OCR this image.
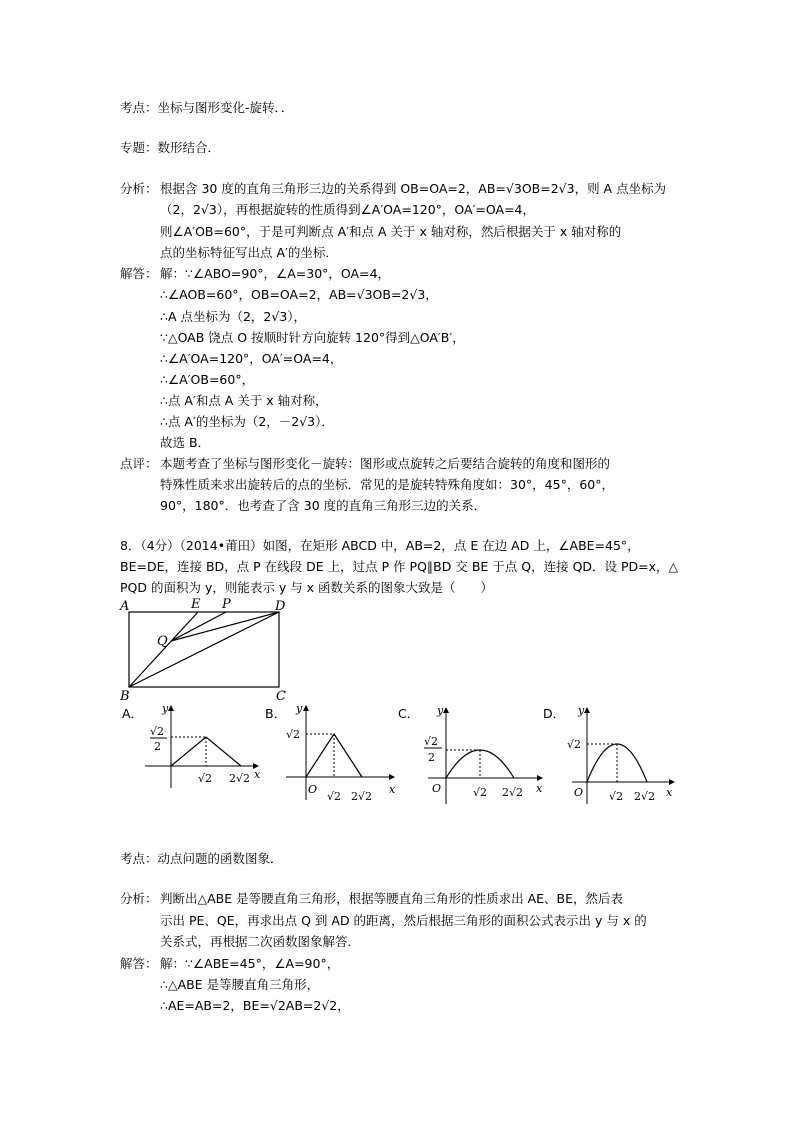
考点：坐标与图形变化-旋转．．
专题：数形结合．
分析： 根据含 30 度的直角三角形三边的关系得到 OB=OA=2，AB=√3OB=2√3，则 A 点坐标为
（2，2√3），再根据旋转的性质得到∠A′OA=120°，OA′=OA=4，
则∠A′OB=60°，于是可判断点 A′和点 A 关于 x 轴对称，然后根据关于 x 轴对称的
点的坐标特征写出点 A′的坐标．
解答： 解：∵∠ABO=90°，∠A=30°，OA=4，
∴∠AOB=60°，OB=OA=2，AB=√3OB=2√3，
∴A 点坐标为（2，2√3），
∵△OAB 饶点 O 按顺时针方向旋转 120°得到△OA′B′，
∴∠A′OA=120°，OA′=OA=4，
∴∠A′OB=60°，
∴点 A′和点 A 关于 x 轴对称，
∴点 A′的坐标为（2，－2√3）．
故选 B．
点评： 本题考查了坐标与图形变化－旋转：图形或点旋转之后要结合旋转的角度和图形的
特殊性质来求出旋转后的点的坐标．常见的是旋转特殊角度如：30°，45°，60°，
90°，180°．也考查了含 30 度的直角三角形三边的关系．
8．（4分）（2014•莆田）如图，在矩形 ABCD 中，AB=2，点 E 在边 AD 上，∠ABE=45°，
BE=DE，连接 BD，点 P 在线段 DE 上，过点 P 作 PQ∥BD 交 BE 于点 Q，连接 QD．设 PD=x，△
PQD 的面积为 y，则能表示 y 与 x 函数关系的图象大致是（　　）
A	E P	D
Q
B	C
A．	B．	C．	D．
y
x
√2
2
√2 2√2
y
x
√2
O
√2 2√2
y
x
√2
2
O	√2 2√2
y
x
√2
O √2 2√2
考点：动点问题的函数图象．
分析： 判断出△ABE 是等腰直角三角形，根据等腰直角三角形的性质求出 AE、BE，然后表
示出 PE、QE，再求出点 Q 到 AD 的距离，然后根据三角形的面积公式表示出 y 与 x 的
关系式，再根据二次函数图象解答．
解答： 解：∵∠ABE=45°，∠A=90°，
∴△ABE 是等腰直角三角形，
∴AE=AB=2，BE=√2AB=2√2，
